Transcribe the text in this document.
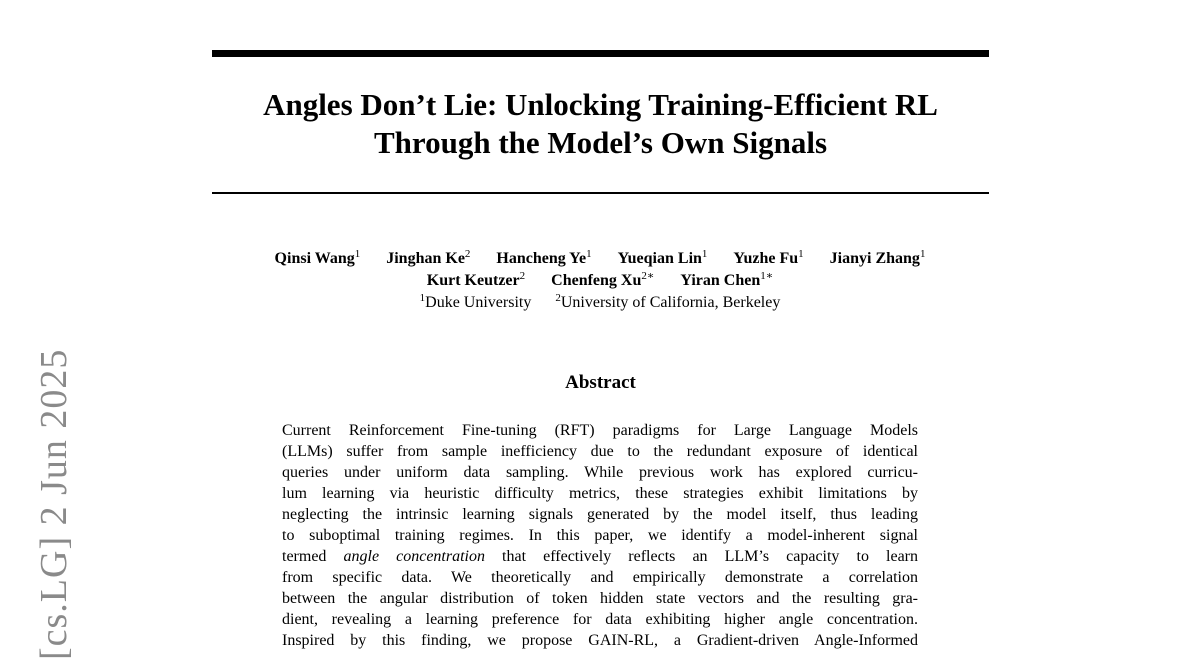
Angles Don’t Lie: Unlocking Training-Efficient RL
Through the Model’s Own Signals
Qinsi Wang$^1$ Jinghan Ke$^2$ Hancheng Ye$^1$ Yueqian Lin$^1$ Yuzhe Fu$^1$ Jianyi Zhang$^1$
Kurt Keutzer$^2$ Chenfeng $Xu^{2∗}$ Yiran Chen$^{1∗}$
$^1$Duke University $^2$University of California, Berkeley
Abstract
Current Reinforcement Fine-tuning (RFT) paradigms for Large Language Models
(LLMs) suffer from sample inefficiency due to the redundant exposure of identical
queries under uniform data sampling. While previous work has explored curricu-
lum learning via heuristic difficulty metrics, these strategies exhibit limitations by
neglecting the intrinsic learning signals generated by the model itself, thus leading
to suboptimal training regimes. In this paper, we identify a model-inherent signal
termed angle concentration that effectively reflects an LLM’s capacity to learn
from specific data. We theoretically and empirically demonstrate a correlation
between the angular distribution of token hidden state vectors and the resulting gra-
dient, revealing a learning preference for data exhibiting higher angle concentration.
Inspired by this finding, we propose GAIN-RL, a Gradient-driven Angle-Informed
[cs.LG] 2 Jun 2025
